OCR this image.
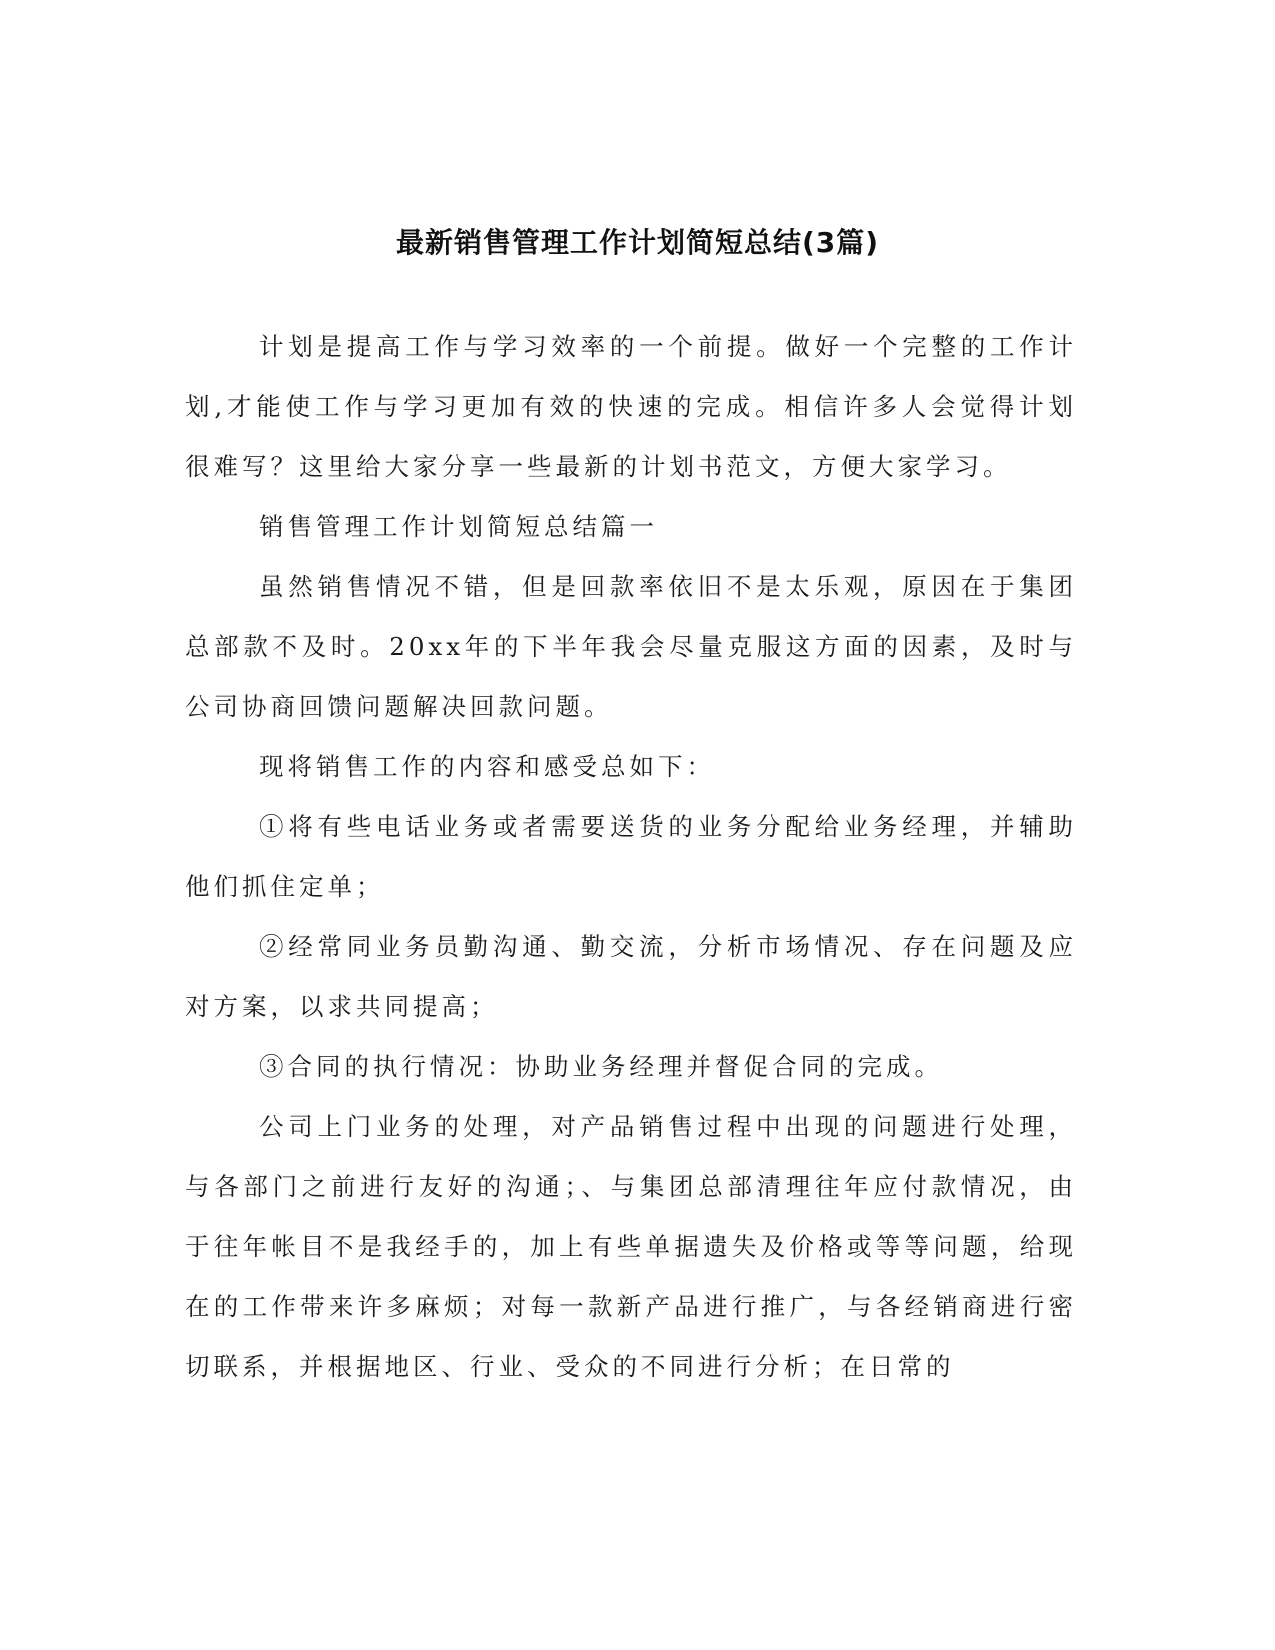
最新销售管理工作计划简短总结(3篇)

计划是提高工作与学习效率的一个前提。做好一个完整的工作计划,才能使工作与学习更加有效的快速的完成。相信许多人会觉得计划很难写？这里给大家分享一些最新的计划书范文，方便大家学习。

销售管理工作计划简短总结篇一

虽然销售情况不错，但是回款率依旧不是太乐观，原因在于集团总部款不及时。20xx年的下半年我会尽量克服这方面的因素，及时与公司协商回馈问题解决回款问题。

现将销售工作的内容和感受总如下：

①将有些电话业务或者需要送货的业务分配给业务经理，并辅助他们抓住定单；

②经常同业务员勤沟通、勤交流，分析市场情况、存在问题及应对方案，以求共同提高；

③合同的执行情况：协助业务经理并督促合同的完成。

公司上门业务的处理，对产品销售过程中出现的问题进行处理，与各部门之前进行友好的沟通；、与集团总部清理往年应付款情况，由于往年帐目不是我经手的，加上有些单据遗失及价格或等等问题，给现在的工作带来许多麻烦；对每一款新产品进行推广，与各经销商进行密切联系，并根据地区、行业、受众的不同进行分析；在日常的
